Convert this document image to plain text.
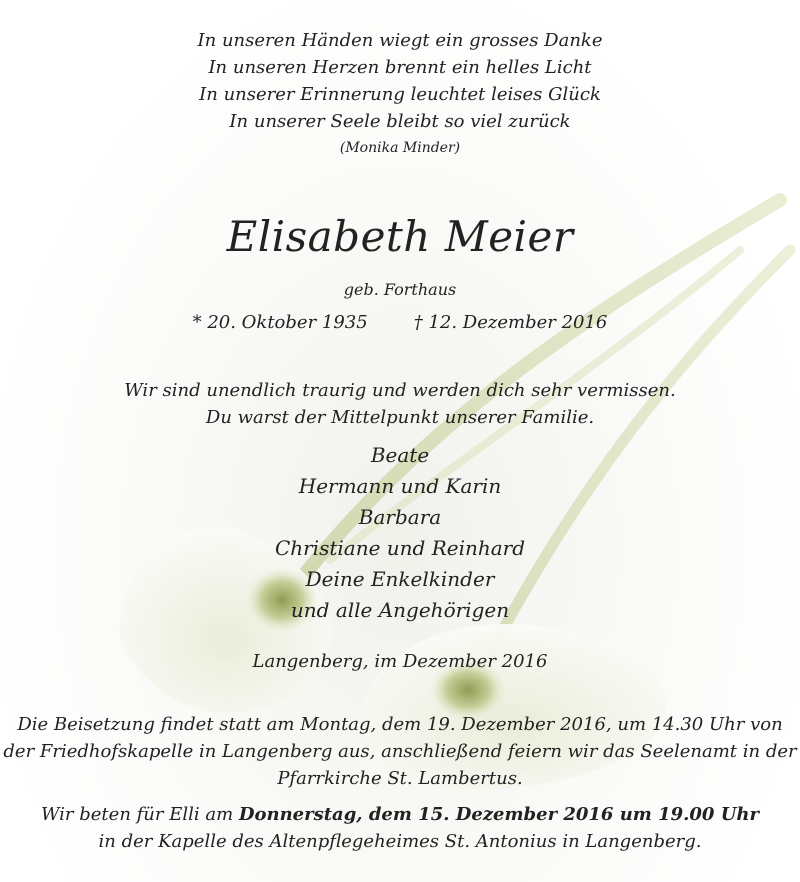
In unseren Händen wiegt ein grosses Danke
In unseren Herzen brennt ein helles Licht
In unserer Erinnerung leuchtet leises Glück
In unserer Seele bleibt so viel zurück
(Monika Minder)
Elisabeth Meier
geb. Forthaus
* 20. Oktober 1935	† 12. Dezember 2016
Wir sind unendlich traurig und werden dich sehr vermissen.
Du warst der Mittelpunkt unserer Familie.
Beate
Hermann und Karin
Barbara
Christiane und Reinhard
Deine Enkelkinder
und alle Angehörigen
Langenberg, im Dezember 2016
Die Beisetzung findet statt am Montag, dem 19. Dezember 2016, um 14.30 Uhr von
der Friedhofskapelle in Langenberg aus, anschließend feiern wir das Seelenamt in der
Pfarrkirche St. Lambertus.
Wir beten für Elli am Donnerstag, dem 15. Dezember 2016 um 19.00 Uhr
in der Kapelle des Altenpflegeheimes St. Antonius in Langenberg.
